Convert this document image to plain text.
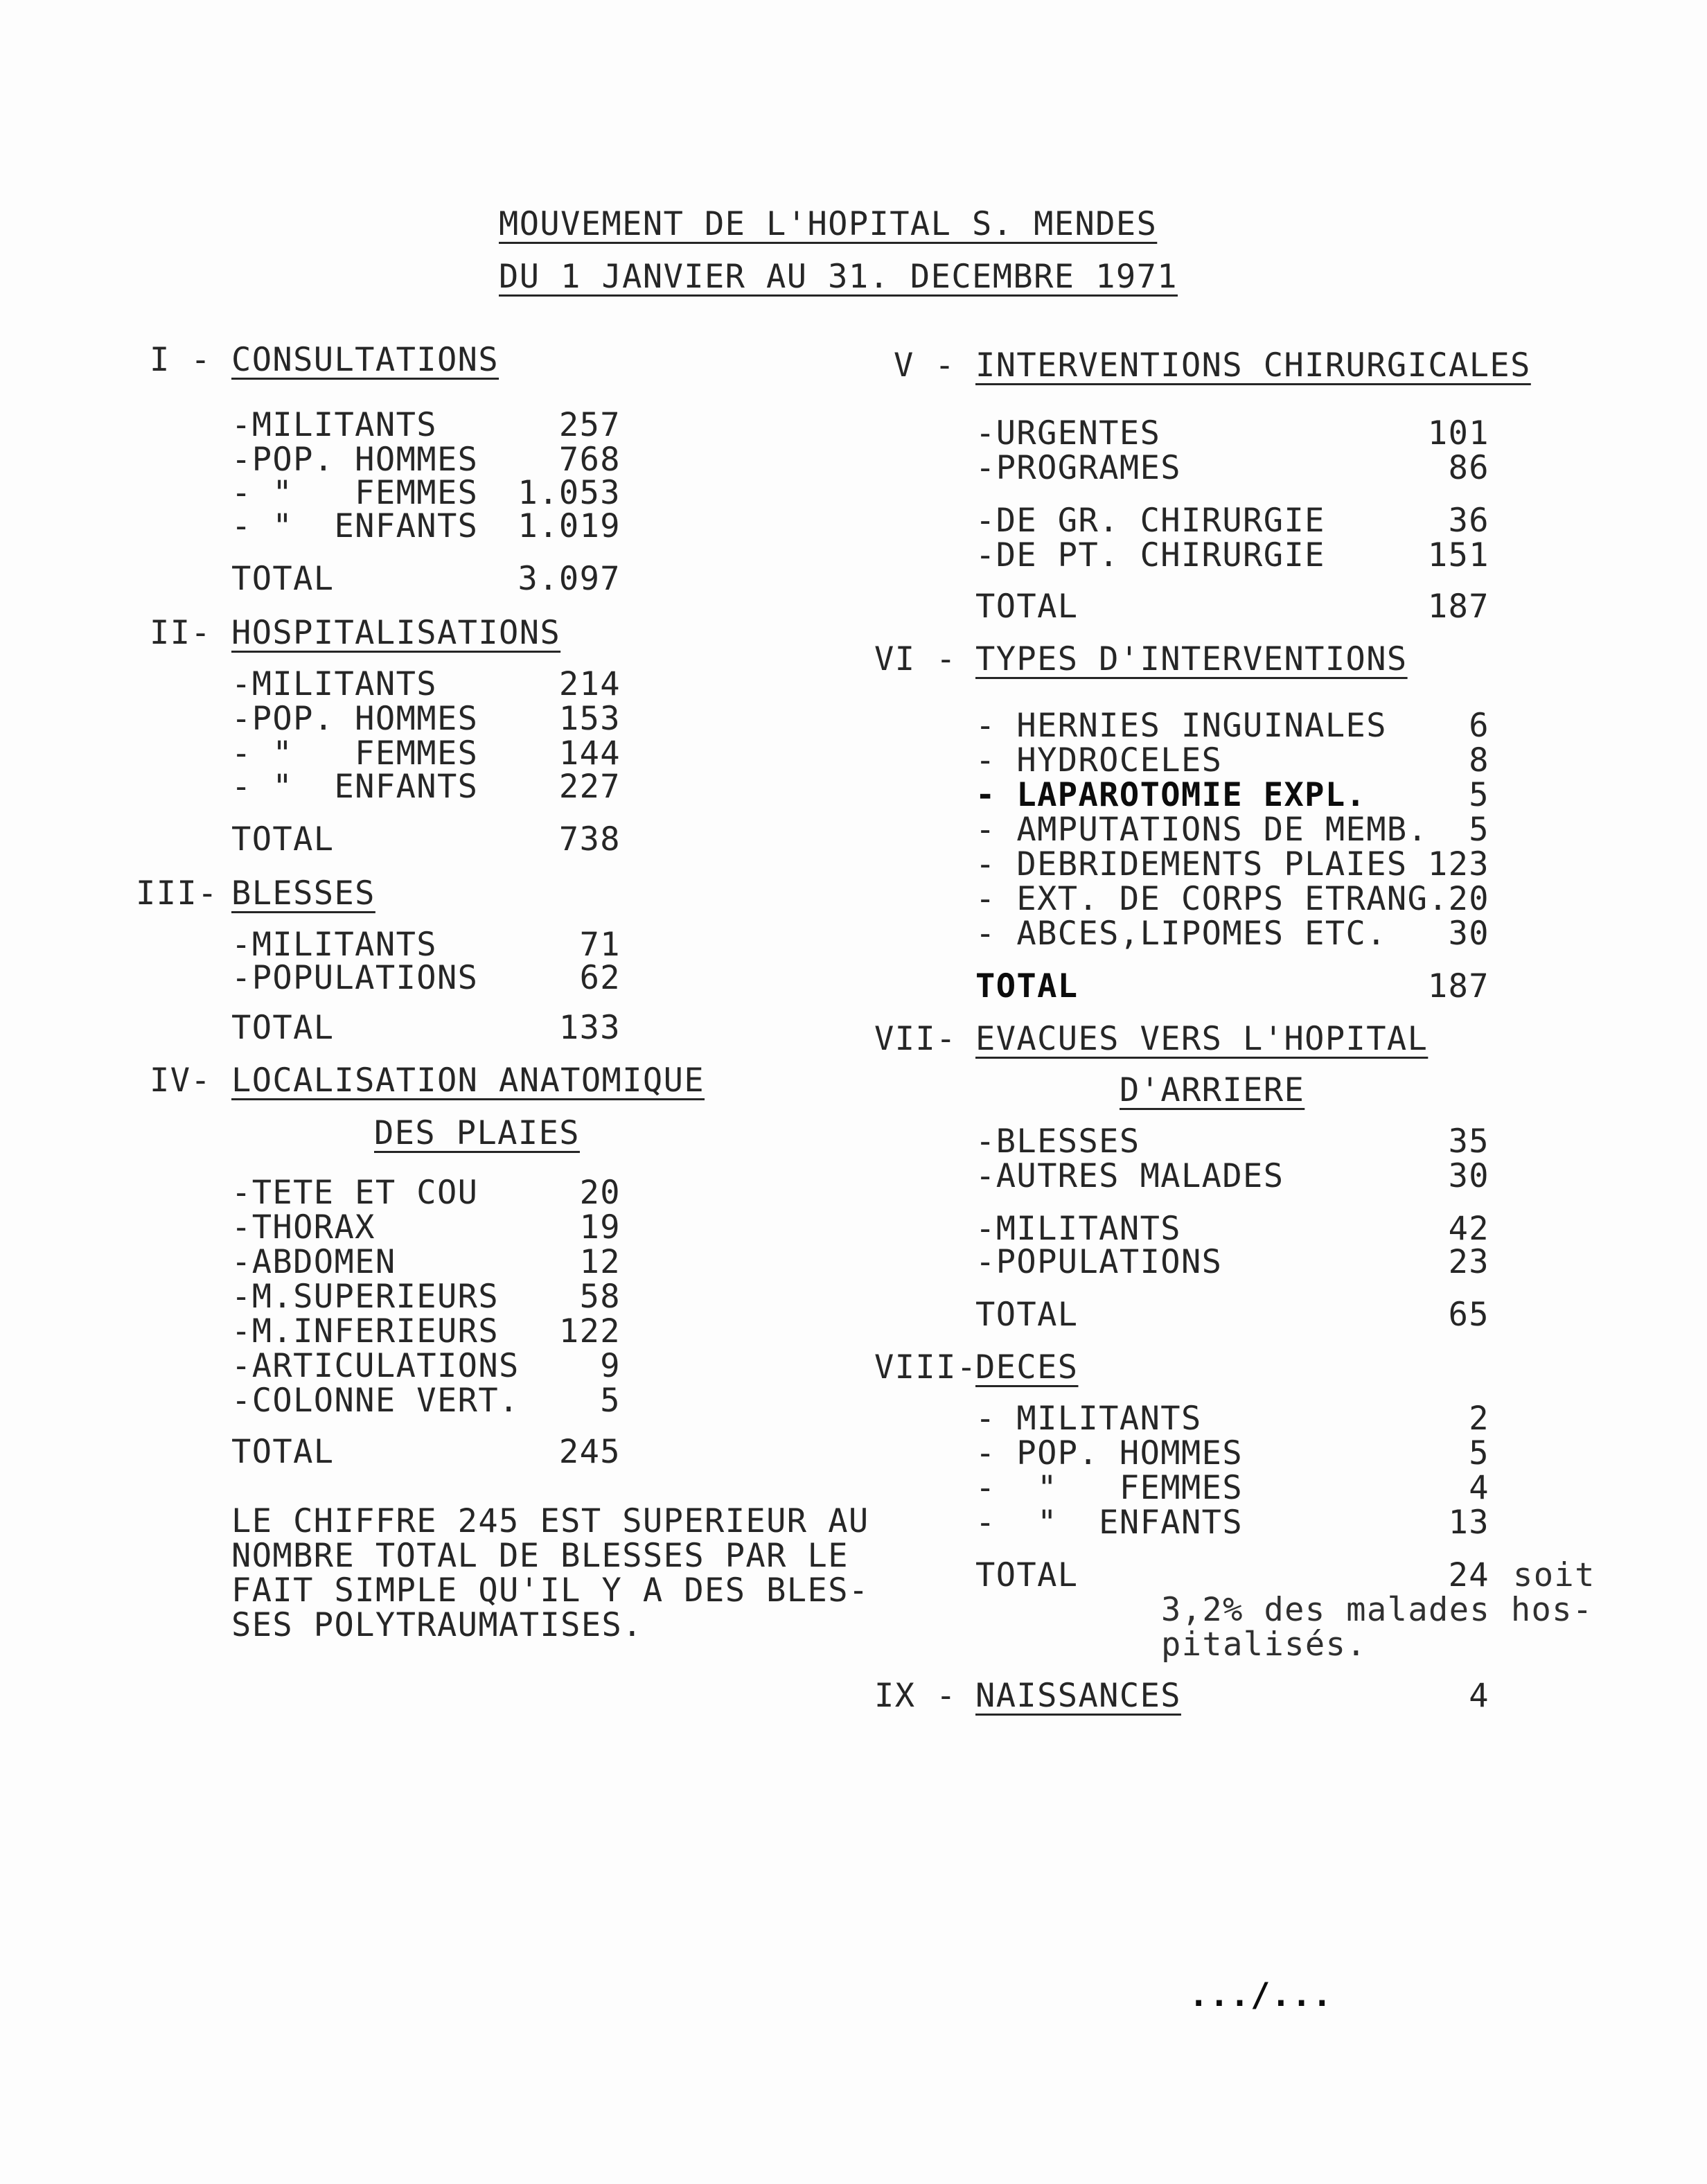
MOUVEMENT DE L'HOPITAL S. MENDES
DU 1 JANVIER AU 31. DECEMBRE 1971
I - CONSULTATIONS
-MILITANTS	257
-POP. HOMMES 768
- "   FEMMES 1.053
- "  ENFANTS 1.019
TOTAL	3.097
II- HOSPITALISATIONS
-MILITANTS	214
-POP. HOMMES 153
- "   FEMMES 144
- "  ENFANTS 227
TOTAL	738
III- BLESSES
-MILITANTS	71
-POPULATIONS	62
TOTAL	133
IV- LOCALISATION ANATOMIQUE
DES PLAIES
-TETE ET COU	20
-THORAX	19
-ABDOMEN	12
-M.SUPERIEURS 58
-M.INFERIEURS 122
-ARTICULATIONS 9
-COLONNE VERT. 5
TOTAL	245
LE CHIFFRE 245 EST SUPERIEUR AU
NOMBRE TOTAL DE BLESSES PAR LE
FAIT SIMPLE QU'IL Y A DES BLES-
SES POLYTRAUMATISES.
V - INTERVENTIONS CHIRURGICALES
-URGENTES	101
-PROGRAMES	86
-DE GR. CHIRURGIE	36
-DE PT. CHIRURGIE	151
TOTAL	187
VI - TYPES D'INTERVENTIONS
- HERNIES INGUINALES	6
- HYDROCELES	8
- LAPAROTOMIE EXPL.	5
- AMPUTATIONS DE MEMB. 5
- DEBRIDEMENTS PLAIES 123
- EXT. DE CORPS ETRANG. 20
- ABCES,LIPOMES ETC. 30
TOTAL	187
VII- EVACUES VERS L'HOPITAL
D'ARRIERE
-BLESSES	35
-AUTRES MALADES	30
-MILITANTS	42
-POPULATIONS	23
TOTAL	65
VIII-
DECES
- MILITANTS	2
- POP. HOMMES	5
-  "   FEMMES	4
-  "  ENFANTS	13
TOTAL	24 soit
3,2% des malades hos-
pitalisés.
IX - NAISSANCES	4
.../...
